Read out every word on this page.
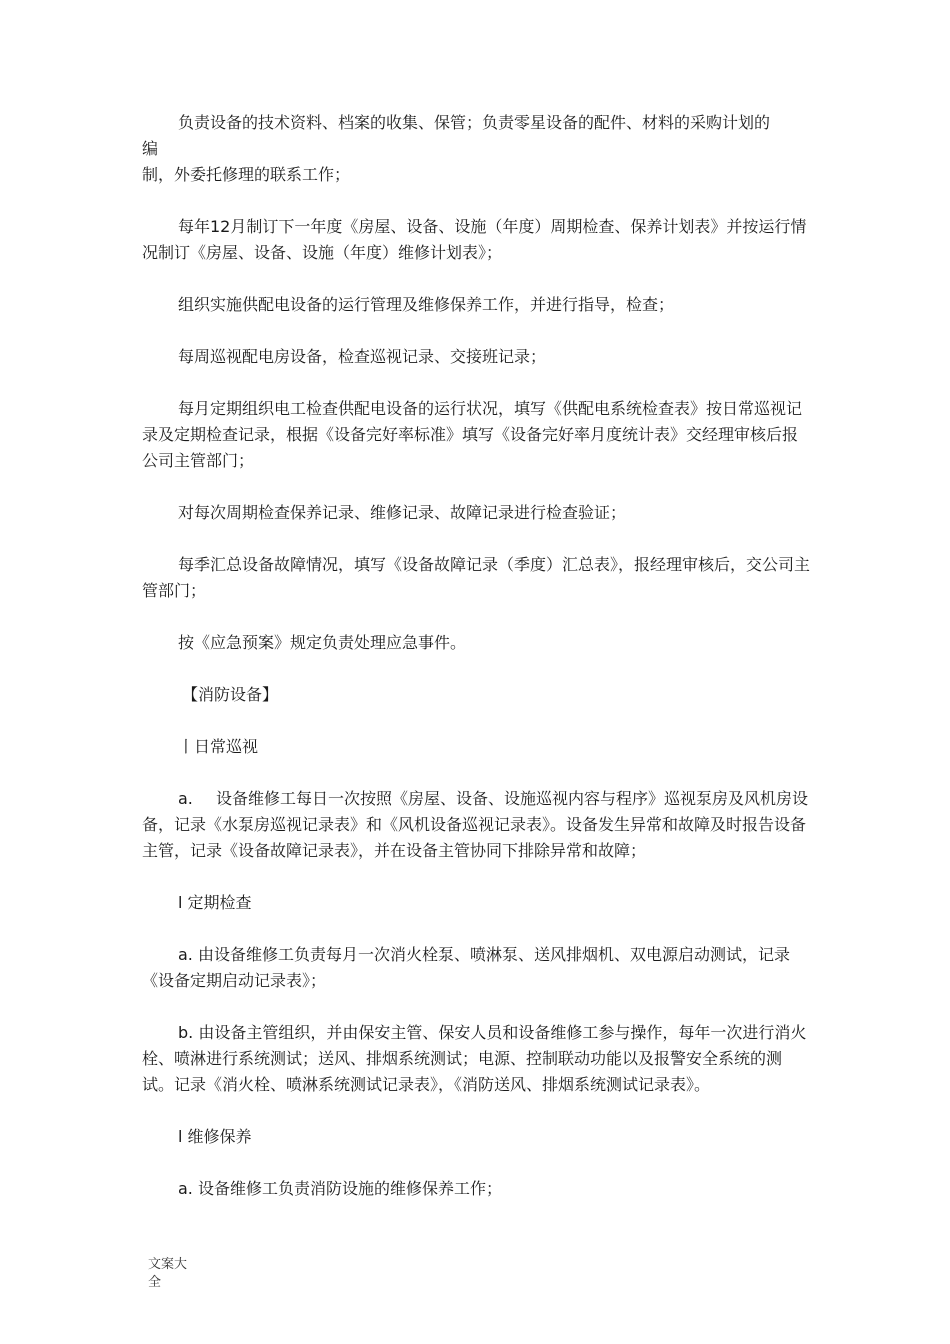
负责设备的技术资料、档案的收集、保管；负责零星设备的配件、材料的采购计划的
编
制，外委托修理的联系工作；
每年12月制订下一年度《房屋、设备、设施（年度）周期检查、保养计划表》并按运行情况制订《房屋、设备、设施（年度）维修计划表》；
组织实施供配电设备的运行管理及维修保养工作，并进行指导，检查；
每周巡视配电房设备，检查巡视记录、交接班记录；
每月定期组织电工检查供配电设备的运行状况，填写《供配电系统检查表》按日常巡视记录及定期检查记录，根据《设备完好率标准》填写《设备完好率月度统计表》交经理审核后报公司主管部门；
对每次周期检查保养记录、维修记录、故障记录进行检查验证；
每季汇总设备故障情况，填写《设备故障记录（季度）汇总表》，报经理审核后，交公司主管部门；
按《应急预案》规定负责处理应急事件。
【消防设备】
丨日常巡视
a. 设备维修工每日一次按照《房屋、设备、设施巡视内容与程序》巡视泵房及风机房设备，记录《水泵房巡视记录表》和《风机设备巡视记录表》。设备发生异常和故障及时报告设备主管，记录《设备故障记录表》，并在设备主管协同下排除异常和故障；
l 定期检查
a. 由设备维修工负责每月一次消火栓泵、喷淋泵、送风排烟机、双电源启动测试，记录《设备定期启动记录表》；
b. 由设备主管组织，并由保安主管、保安人员和设备维修工参与操作，每年一次进行消火栓、喷淋进行系统测试；送风、排烟系统测试；电源、控制联动功能以及报警安全系统的测试。记录《消火栓、喷淋系统测试记录表》，《消防送风、排烟系统测试记录表》。
l 维修保养
a. 设备维修工负责消防设施的维修保养工作；
文案大全
